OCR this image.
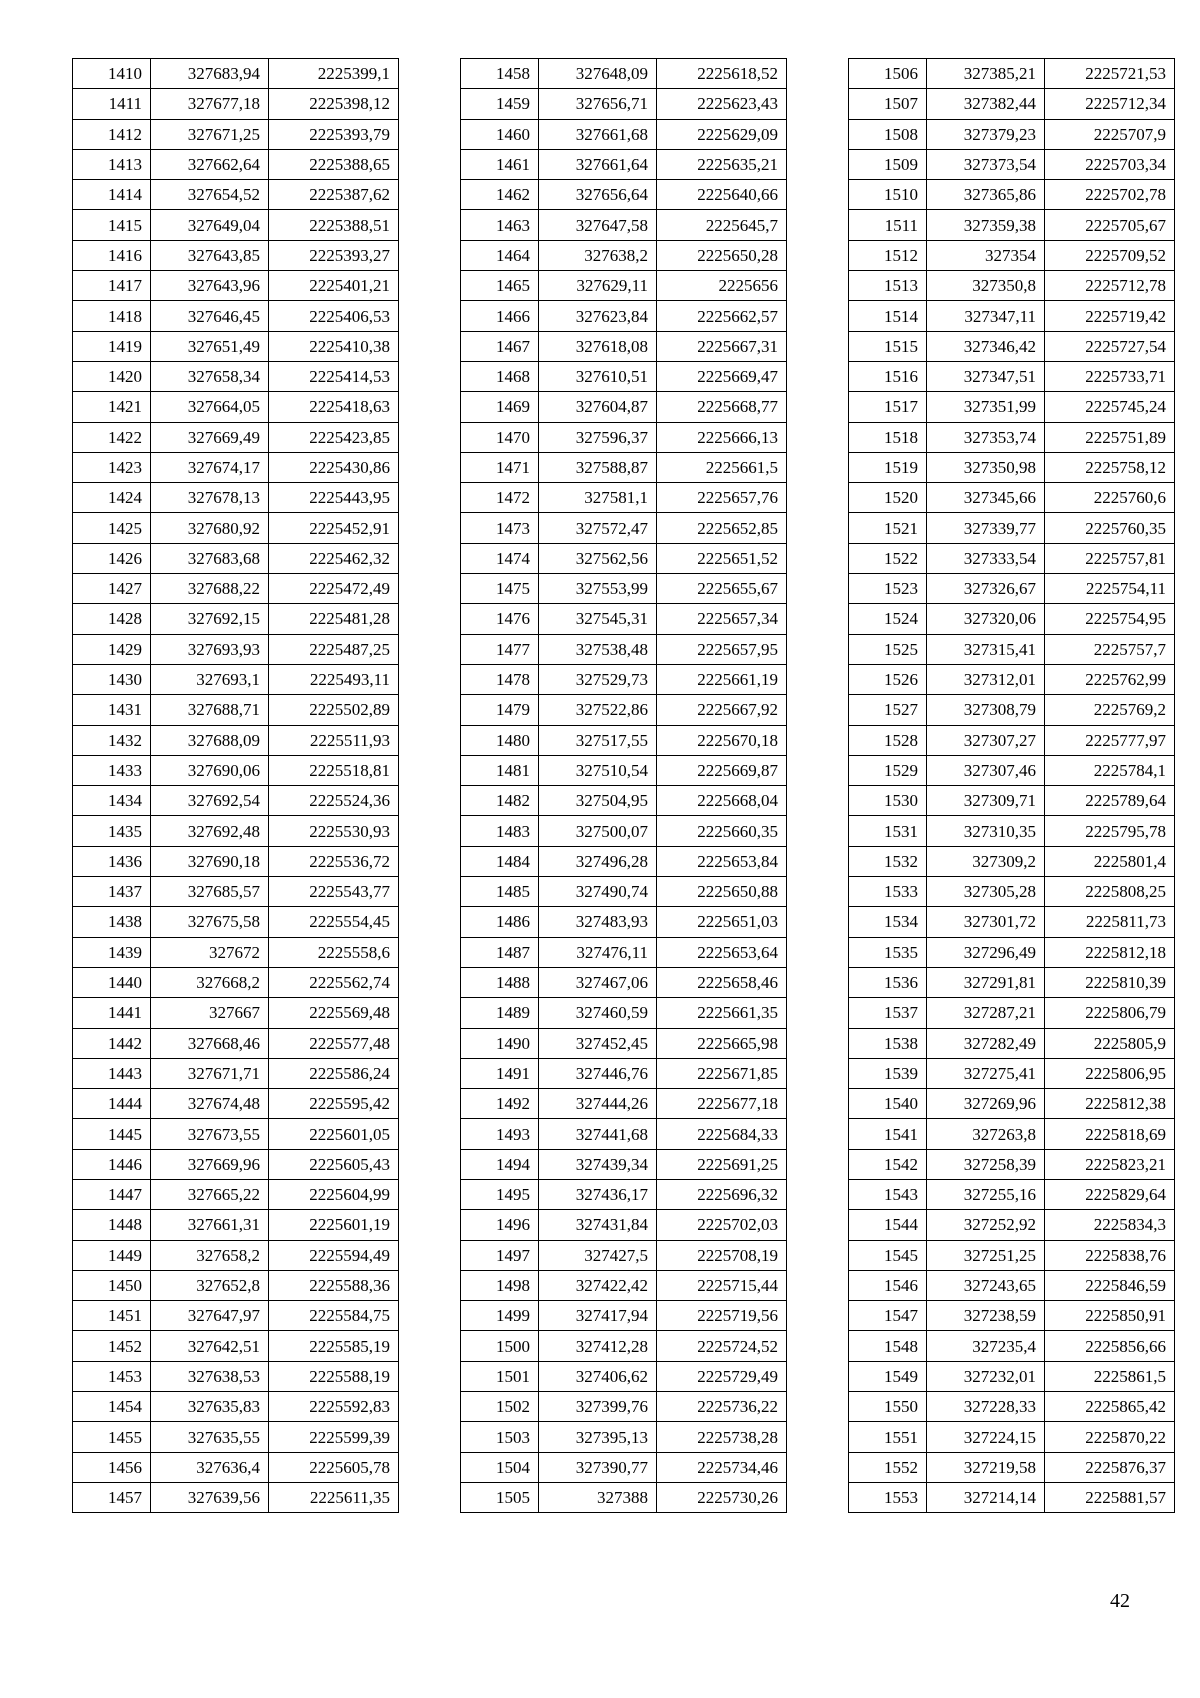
1410	327683,94	2225399,1
1411	327677,18	2225398,12
1412	327671,25	2225393,79
1413	327662,64	2225388,65
1414	327654,52	2225387,62
1415	327649,04	2225388,51
1416	327643,85	2225393,27
1417	327643,96	2225401,21
1418	327646,45	2225406,53
1419	327651,49	2225410,38
1420	327658,34	2225414,53
1421	327664,05	2225418,63
1422	327669,49	2225423,85
1423	327674,17	2225430,86
1424	327678,13	2225443,95
1425	327680,92	2225452,91
1426	327683,68	2225462,32
1427	327688,22	2225472,49
1428	327692,15	2225481,28
1429	327693,93	2225487,25
1430	327693,1	2225493,11
1431	327688,71	2225502,89
1432	327688,09	2225511,93
1433	327690,06	2225518,81
1434	327692,54	2225524,36
1435	327692,48	2225530,93
1436	327690,18	2225536,72
1437	327685,57	2225543,77
1438	327675,58	2225554,45
1439	327672	2225558,6
1440	327668,2	2225562,74
1441	327667	2225569,48
1442	327668,46	2225577,48
1443	327671,71	2225586,24
1444	327674,48	2225595,42
1445	327673,55	2225601,05
1446	327669,96	2225605,43
1447	327665,22	2225604,99
1448	327661,31	2225601,19
1449	327658,2	2225594,49
1450	327652,8	2225588,36
1451	327647,97	2225584,75
1452	327642,51	2225585,19
1453	327638,53	2225588,19
1454	327635,83	2225592,83
1455	327635,55	2225599,39
1456	327636,4	2225605,78
1457	327639,56	2225611,35
1458	327648,09	2225618,52
1459	327656,71	2225623,43
1460	327661,68	2225629,09
1461	327661,64	2225635,21
1462	327656,64	2225640,66
1463	327647,58	2225645,7
1464	327638,2	2225650,28
1465	327629,11	2225656
1466	327623,84	2225662,57
1467	327618,08	2225667,31
1468	327610,51	2225669,47
1469	327604,87	2225668,77
1470	327596,37	2225666,13
1471	327588,87	2225661,5
1472	327581,1	2225657,76
1473	327572,47	2225652,85
1474	327562,56	2225651,52
1475	327553,99	2225655,67
1476	327545,31	2225657,34
1477	327538,48	2225657,95
1478	327529,73	2225661,19
1479	327522,86	2225667,92
1480	327517,55	2225670,18
1481	327510,54	2225669,87
1482	327504,95	2225668,04
1483	327500,07	2225660,35
1484	327496,28	2225653,84
1485	327490,74	2225650,88
1486	327483,93	2225651,03
1487	327476,11	2225653,64
1488	327467,06	2225658,46
1489	327460,59	2225661,35
1490	327452,45	2225665,98
1491	327446,76	2225671,85
1492	327444,26	2225677,18
1493	327441,68	2225684,33
1494	327439,34	2225691,25
1495	327436,17	2225696,32
1496	327431,84	2225702,03
1497	327427,5	2225708,19
1498	327422,42	2225715,44
1499	327417,94	2225719,56
1500	327412,28	2225724,52
1501	327406,62	2225729,49
1502	327399,76	2225736,22
1503	327395,13	2225738,28
1504	327390,77	2225734,46
1505	327388	2225730,26
1506	327385,21	2225721,53
1507	327382,44	2225712,34
1508	327379,23	2225707,9
1509	327373,54	2225703,34
1510	327365,86	2225702,78
1511	327359,38	2225705,67
1512	327354	2225709,52
1513	327350,8	2225712,78
1514	327347,11	2225719,42
1515	327346,42	2225727,54
1516	327347,51	2225733,71
1517	327351,99	2225745,24
1518	327353,74	2225751,89
1519	327350,98	2225758,12
1520	327345,66	2225760,6
1521	327339,77	2225760,35
1522	327333,54	2225757,81
1523	327326,67	2225754,11
1524	327320,06	2225754,95
1525	327315,41	2225757,7
1526	327312,01	2225762,99
1527	327308,79	2225769,2
1528	327307,27	2225777,97
1529	327307,46	2225784,1
1530	327309,71	2225789,64
1531	327310,35	2225795,78
1532	327309,2	2225801,4
1533	327305,28	2225808,25
1534	327301,72	2225811,73
1535	327296,49	2225812,18
1536	327291,81	2225810,39
1537	327287,21	2225806,79
1538	327282,49	2225805,9
1539	327275,41	2225806,95
1540	327269,96	2225812,38
1541	327263,8	2225818,69
1542	327258,39	2225823,21
1543	327255,16	2225829,64
1544	327252,92	2225834,3
1545	327251,25	2225838,76
1546	327243,65	2225846,59
1547	327238,59	2225850,91
1548	327235,4	2225856,66
1549	327232,01	2225861,5
1550	327228,33	2225865,42
1551	327224,15	2225870,22
1552	327219,58	2225876,37
1553	327214,14	2225881,57
42
